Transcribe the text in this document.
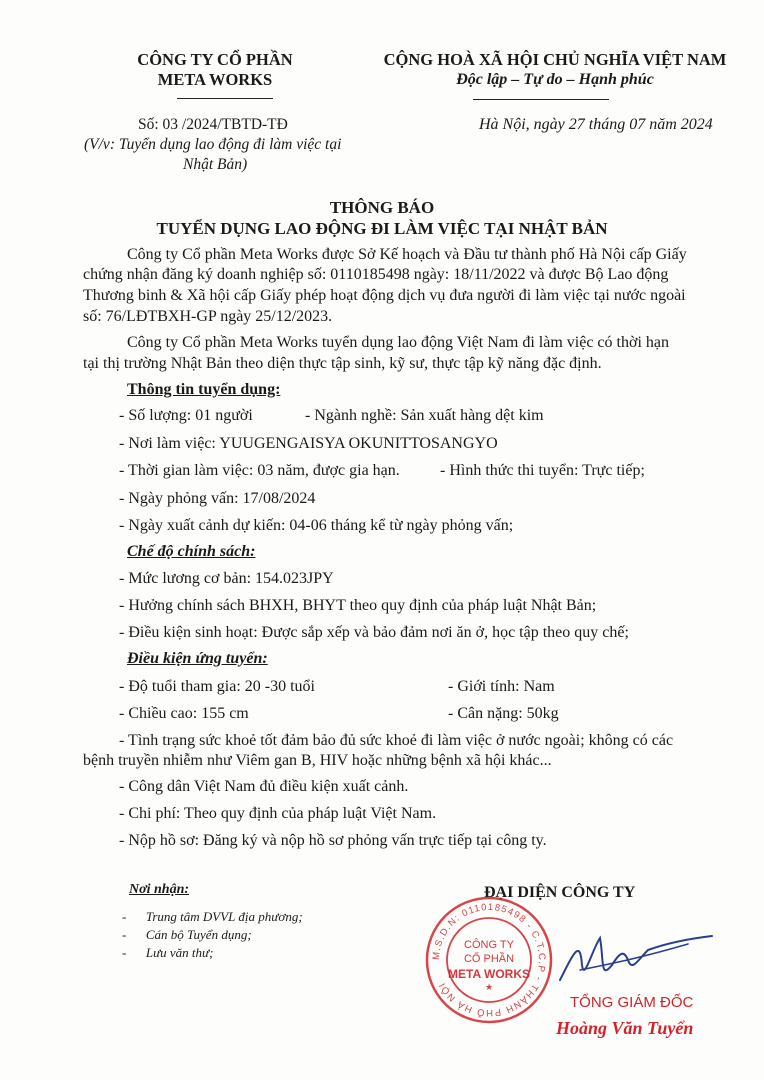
CÔNG TY CỔ PHẦN
META WORKS
CỘNG HOÀ XÃ HỘI CHỦ NGHĨA VIỆT NAM
Độc lập – Tự do – Hạnh phúc
Số: 03 /2024/TBTD-TĐ
(V/v: Tuyển dụng lao động đi làm việc tại
Nhật Bản)
Hà Nội, ngày 27 tháng 07 năm 2024
THÔNG BÁO
TUYỂN DỤNG LAO ĐỘNG ĐI LÀM VIỆC TẠI NHẬT BẢN
Công ty Cổ phần Meta Works được Sở Kế hoạch và Đầu tư thành phố Hà Nội cấp Giấy
chứng nhận đăng ký doanh nghiệp số: 0110185498 ngày: 18/11/2022 và được Bộ Lao động
Thương binh & Xã hội cấp Giấy phép hoạt động dịch vụ đưa người đi làm việc tại nước ngoài
số: 76/LĐTBXH-GP ngày 25/12/2023.
Công ty Cổ phần Meta Works tuyển dụng lao động Việt Nam đi làm việc có thời hạn
tại thị trường Nhật Bản theo diện thực tập sinh, kỹ sư, thực tập kỹ năng đặc định.
Thông tin tuyển dụng:
- Số lượng: 01 người	- Ngành nghề: Sản xuất hàng dệt kim
- Nơi làm việc: YUUGENGAISYA OKUNITTOSANGYO
- Thời gian làm việc: 03 năm, được gia hạn.	- Hình thức thi tuyển: Trực tiếp;
- Ngày phỏng vấn: 17/08/2024
- Ngày xuất cảnh dự kiến: 04-06 tháng kể từ ngày phỏng vấn;
Chế độ chính sách:
- Mức lương cơ bản: 154.023JPY
- Hưởng chính sách BHXH, BHYT theo quy định của pháp luật Nhật Bản;
- Điều kiện sinh hoạt: Được sắp xếp và bảo đảm nơi ăn ở, học tập theo quy chế;
Điều kiện ứng tuyển:
- Độ tuổi tham gia: 20 -30 tuổi	- Giới tính: Nam
- Chiều cao: 155 cm	- Cân nặng: 50kg
- Tình trạng sức khoẻ tốt đảm bảo đủ sức khoẻ đi làm việc ở nước ngoài; không có các
bệnh truyền nhiễm như Viêm gan B, HIV hoặc những bệnh xã hội khác...
- Công dân Việt Nam đủ điều kiện xuất cảnh.
- Chi phí: Theo quy định của pháp luật Việt Nam.
- Nộp hồ sơ: Đăng ký và nộp hồ sơ phỏng vấn trực tiếp tại công ty.
Nơi nhận:
-      Trung tâm DVVL địa phương;
-      Cán bộ Tuyển dụng;
-      Lưu văn thư;
ĐẠI DIỆN CÔNG TY
M.S.D.N: 0110185498 - C.T.C.P - THÀNH PHỐ HÀ NỘI
CÔNG TY
CỔ PHẦN
META WORKS
★
TỔNG GIÁM ĐỐC
Hoàng Văn Tuyển
